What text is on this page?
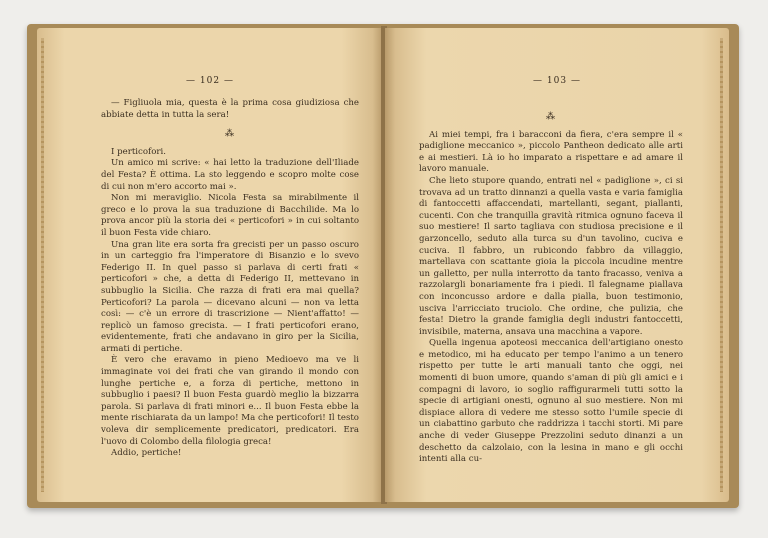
— 102 —

— Figliuola mia, questa è la prima cosa giudiziosa che abbiate detta in tutta la sera!

⁂

I perticofori.

Un amico mi scrive: « hai letto la traduzione dell'Iliade del Festa? È ottima. La sto leggendo e scopro molte cose di cui non m'ero accorto mai ».

Non mi meraviglio. Nicola Festa sa mirabilmente il greco e lo prova la sua traduzione di Bacchilide. Ma lo prova ancor più la storia dei « perticofori » in cui soltanto il buon Festa vide chiaro.

Una gran lite era sorta fra grecisti per un passo oscuro in un carteggio fra l'imperatore di Bisanzio e lo svevo Federigo II. In quel passo si parlava di certi frati « perticofori » che, a detta di Federigo II, mettevano in subbuglio la Sicilia. Che razza di frati era mai quella? Perticofori? La parola — dicevano alcuni — non va letta così: — c'è un errore di trascrizione — Nient'affatto! — replicò un famoso grecista. — I frati perticofori erano, evidentemente, frati che andavano in giro per la Sicilia, armati di pertiche.

È vero che eravamo in pieno Medioevo ma ve li immaginate voi dei frati che van girando il mondo con lunghe pertiche e, a forza di pertiche, mettono in subbuglio i paesi? Il buon Festa guardò meglio la bizzarra parola. Si parlava di frati minori e... Il buon Festa ebbe la mente rischiarata da un lampo! Ma che perticofori! Il testo voleva dir semplicemente predicatori, predicatori. Era l'uovo di Colombo della filologia greca!

Addio, pertiche!

— 103 —
⁂

Ai miei tempi, fra i baracconi da fiera, c'era sempre il « padiglione meccanico », piccolo Pantheon dedicato alle arti e ai mestieri. Là io ho imparato a rispettare e ad amare il lavoro manuale.

Che lieto stupore quando, entrati nel « padiglione », ci si trovava ad un tratto dinnanzi a quella vasta e varia famiglia di fantoccetti affaccendati, martellanti, segant, piallanti, cucenti. Con che tranquilla gravità ritmica ognuno faceva il suo mestiere! Il sarto tagliava con studiosa precisione e il garzoncello, seduto alla turca su d'un tavolino, cuciva e cuciva. Il fabbro, un rubicondo fabbro da villaggio, martellava con scattante gioia la piccola incudine mentre un galletto, per nulla interrotto da tanto fracasso, veniva a razzolargli bonariamente fra i piedi. Il falegname piallava con inconcusso ardore e dalla pialla, buon testimonio, usciva l'arricciato truciolo. Che ordine, che pulizia, che festa! Dietro la grande famiglia degli industri fantoccetti, invisibile, materna, ansava una macchina a vapore.

Quella ingenua apoteosi meccanica dell'artigiano onesto e metodico, mi ha educato per tempo l'animo a un tenero rispetto per tutte le arti manuali tanto che oggi, nei momenti di buon umore, quando s'aman di più gli amici e i compagni di lavoro, io soglio raffigurarmeli tutti sotto la specie di artigiani onesti, ognuno al suo mestiere. Non mi dispiace allora di vedere me stesso sotto l'umile specie di un ciabattino garbuto che raddrizza i tacchi storti. Mi pare anche di veder Giuseppe Prezzolini seduto dinanzi a un deschetto da calzolaio, con la lesina in mano e gli occhi intenti alla cu-
